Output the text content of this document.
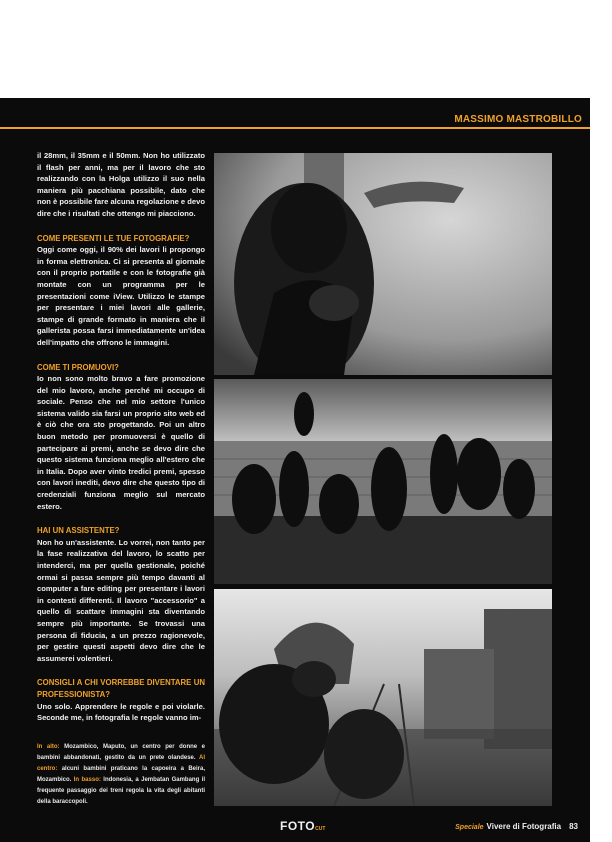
MASSIMO MASTROBILLO

il 28mm, il 35mm e il 50mm. Non ho utilizzato il flash per anni, ma per il lavoro che sto realizzando con la Holga utilizzo il suo nella maniera più pacchiana possibile, dato che non è possibile fare alcuna regolazione e devo dire che i risultati che ottengo mi piacciono.

COME PRESENTI LE TUE FOTOGRAFIE?

Oggi come oggi, il 90% dei lavori li propongo in forma elettronica. Ci si presenta al giornale con il proprio portatile e con le fotografie già montate con un programma per le presentazioni come iView. Utilizzo le stampe per presentare i miei lavori alle gallerie, stampe di grande formato in maniera che il gallerista possa farsi immediatamente un'idea dell'impatto che offrono le immagini.

COME TI PROMUOVI?

Io non sono molto bravo a fare promozione del mio lavoro, anche perché mi occupo di sociale. Penso che nel mio settore l'unico sistema valido sia farsi un proprio sito web ed è ciò che ora sto progettando. Poi un altro buon metodo per promuoversi è quello di partecipare ai premi, anche se devo dire che questo sistema funziona meglio all'estero che in Italia. Dopo aver vinto tredici premi, spesso con lavori inediti, devo dire che questo tipo di credenziali funziona meglio sul mercato estero.

HAI UN ASSISTENTE?

Non ho un'assistente. Lo vorrei, non tanto per la fase realizzativa del lavoro, lo scatto per intenderci, ma per quella gestionale, poiché ormai si passa sempre più tempo davanti al computer a fare editing per presentare i lavori in contesti differenti. Il lavoro "accessorio" a quello di scattare immagini sta diventando sempre più importante. Se trovassi una persona di fiducia, a un prezzo ragionevole, per gestire questi aspetti devo dire che le assumerei volentieri.

CONSIGLI A CHI VORREBBE DIVENTARE UN PROFESSIONISTA?

Uno solo. Apprendere le regole e poi violarle. Seconde me, in fotografia le regole vanno im-

In alto: Mozambico, Maputo, un centro per donne e bambini abbandonati, gestito da un prete olandese. Al centro: alcuni bambini praticano la capoeira a Beira, Mozambico. In basso: Indonesia, a Jembatan Gambang il frequente passaggio dei treni regola la vita degli abitanti della baraccopoli.
FOTOCUT	Speciale Vivere di Fotografia 83
